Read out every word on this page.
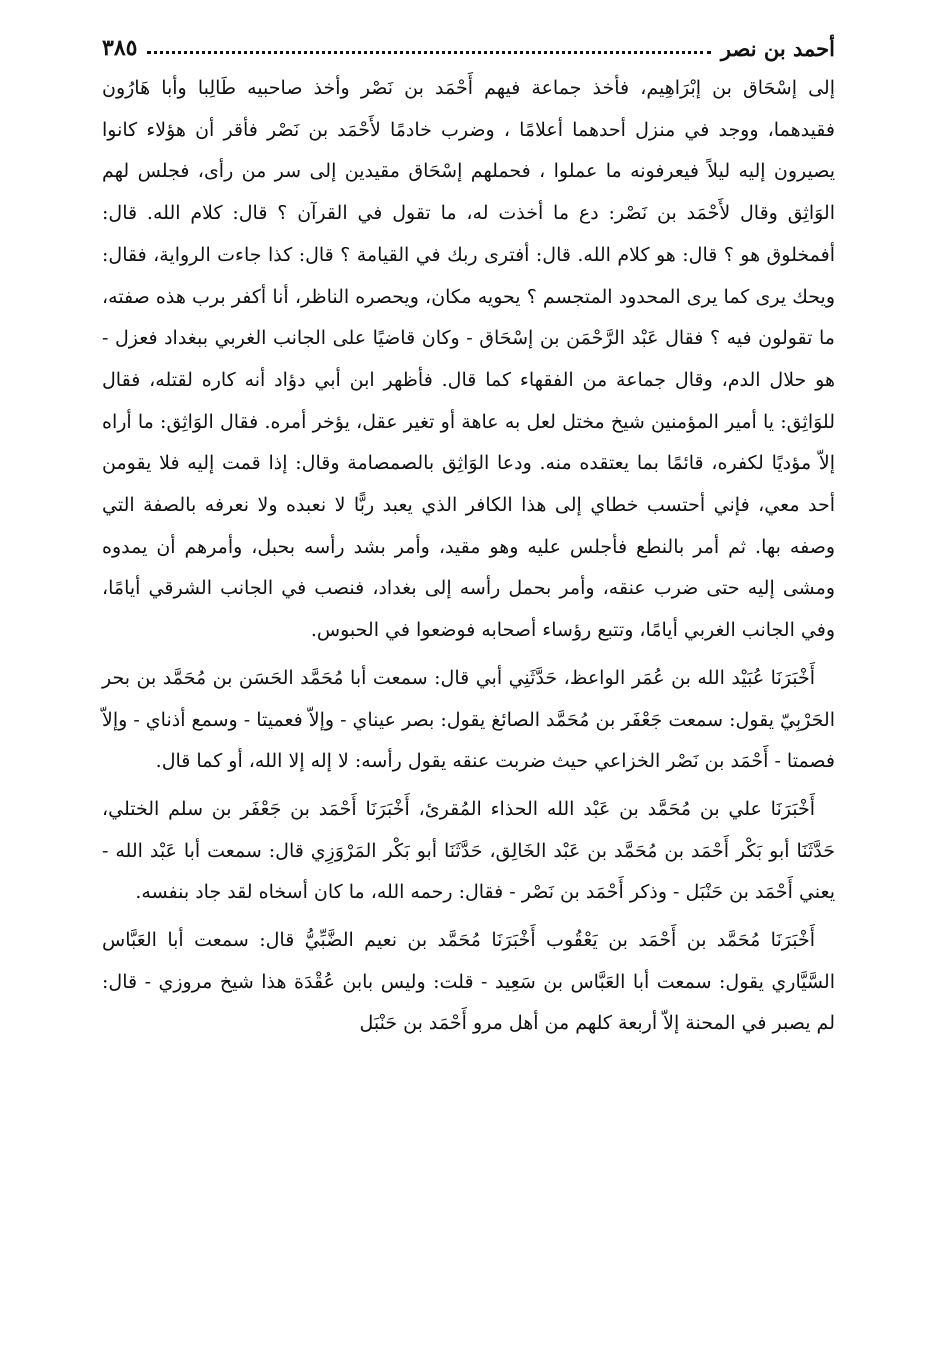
أحمد بن نصر
٣٨٥

إلى إسْحَاق بن إبْرَاهِيم، فأخذ جماعة فيهم أَحْمَد بن نَصْر وأخذ صاحبيه طَالِبا وأبا هَارُون فقيدهما، ووجد في منزل أحدهما أعلامًا ، وضرب خادمًا لأَحْمَد بن نَصْر فأقر أن هؤلاء كانوا يصيرون إليه ليلاً فيعرفونه ما عملوا ، فحملهم إسْحَاق مقيدين إلى سر من رأى، فجلس لهم الوَاثِق وقال لأَحْمَد بن نَصْر: دع ما أخذت له، ما تقول في القرآن ؟ قال: كلام الله. قال: أفمخلوق هو ؟ قال: هو كلام الله. قال: أفترى ربك في القيامة ؟ قال: كذا جاءت الرواية، فقال: ويحك يرى كما يرى المحدود المتجسم ؟ يحويه مكان، ويحصره الناظر، أنا أكفر برب هذه صفته، ما تقولون فيه ؟ فقال عَبْد الرَّحْمَن بن إسْحَاق - وكان قاضيًا على الجانب الغربي ببغداد فعزل - هو حلال الدم، وقال جماعة من الفقهاء كما قال. فأظهر ابن أبي دؤاد أنه كاره لقتله، فقال للوَاثِق: يا أمير المؤمنين شيخ مختل لعل به عاهة أو تغير عقل، يؤخر أمره. فقال الوَاثِق: ما أراه إلاّ مؤديًا لكفره، قائمًا بما يعتقده منه. ودعا الوَاثِق بالصمصامة وقال: إذا قمت إليه فلا يقومن أحد معي، فإني أحتسب خطاي إلى هذا الكافر الذي يعبد ربًّا لا نعبده ولا نعرفه بالصفة التي وصفه بها. ثم أمر بالنطع فأجلس عليه وهو مقيد، وأمر بشد رأسه بحبل، وأمرهم أن يمدوه ومشى إليه حتى ضرب عنقه، وأمر بحمل رأسه إلى بغداد، فنصب في الجانب الشرقي أيامًا، وفي الجانب الغربي أيامًا، وتتبع رؤساء أصحابه فوضعوا في الحبوس.

أَخْبَرَنَا عُبَيْد الله بن عُمَر الواعظ، حَدَّثَنِي أبي قال: سمعت أبا مُحَمَّد الحَسَن بن مُحَمَّد بن بحر الحَرْبِيّ يقول: سمعت جَعْفَر بن مُحَمَّد الصائغ يقول: بصر عيناي - وإلاّ فعميتا - وسمع أذناي - وإلاّ فصمتا - أَحْمَد بن نَصْر الخزاعي حيث ضربت عنقه يقول رأسه: لا إله إلا الله، أو كما قال.

أَخْبَرَنَا علي بن مُحَمَّد بن عَبْد الله الحذاء المُقرئ، أَخْبَرَنَا أَحْمَد بن جَعْفَر بن سلم الختلي، حَدَّثَنَا أبو بَكْر أَحْمَد بن مُحَمَّد بن عَبْد الخَالِق، حَدَّثَنَا أبو بَكْر المَرْوَزِي قال: سمعت أبا عَبْد الله - يعني أَحْمَد بن حَنْبَل - وذكر أَحْمَد بن نَصْر - فقال: رحمه الله، ما كان أسخاه لقد جاد بنفسه.

أَخْبَرَنَا مُحَمَّد بن أَحْمَد بن يَعْقُوب أَخْبَرَنَا مُحَمَّد بن نعيم الضَّبِّيُّ قال: سمعت أبا العَبَّاس السَّيَّاري يقول: سمعت أبا العَبَّاس بن سَعِيد - قلت: وليس بابن عُقْدَة هذا شيخ مروزي - قال: لم يصبر في المحنة إلاّ أربعة كلهم من أهل مرو أَحْمَد بن حَنْبَل
